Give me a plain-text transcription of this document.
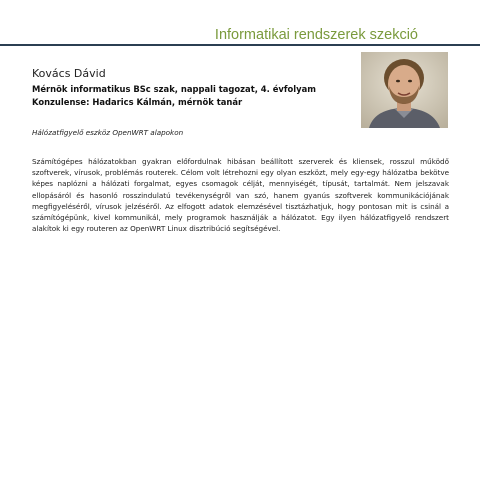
Informatikai rendszerek szekció
Kovács Dávid
Mérnök informatikus BSc szak, nappali tagozat, 4. évfolyam
Konzulense: Hadarics Kálmán, mérnök tanár
Hálózatfigyelő eszköz OpenWRT alapokon

Számítógépes hálózatokban gyakran előfordulnak hibásan beállított szerverek és kliensek, rosszul működő szoftverek, vírusok, problémás routerek. Célom volt létrehozni egy olyan eszközt, mely egy-egy hálózatba bekötve képes naplózni a hálózati forgalmat, egyes csomagok célját, mennyiségét, típusát, tartalmát. Nem jelszavak ellopásáról és hasonló rosszindulatú tevékenységről van szó, hanem gyanús szoftverek kommunikációjának megfigyeléséről, vírusok jelzéséről. Az elfogott adatok elemzésével tisztázhatjuk, hogy pontosan mit is csinál a számítógépünk, kivel kommunikál, mely programok használják a hálózatot. Egy ilyen hálózatfigyelő rendszert alakítok ki egy routeren az OpenWRT Linux disztribúció segítségével.
